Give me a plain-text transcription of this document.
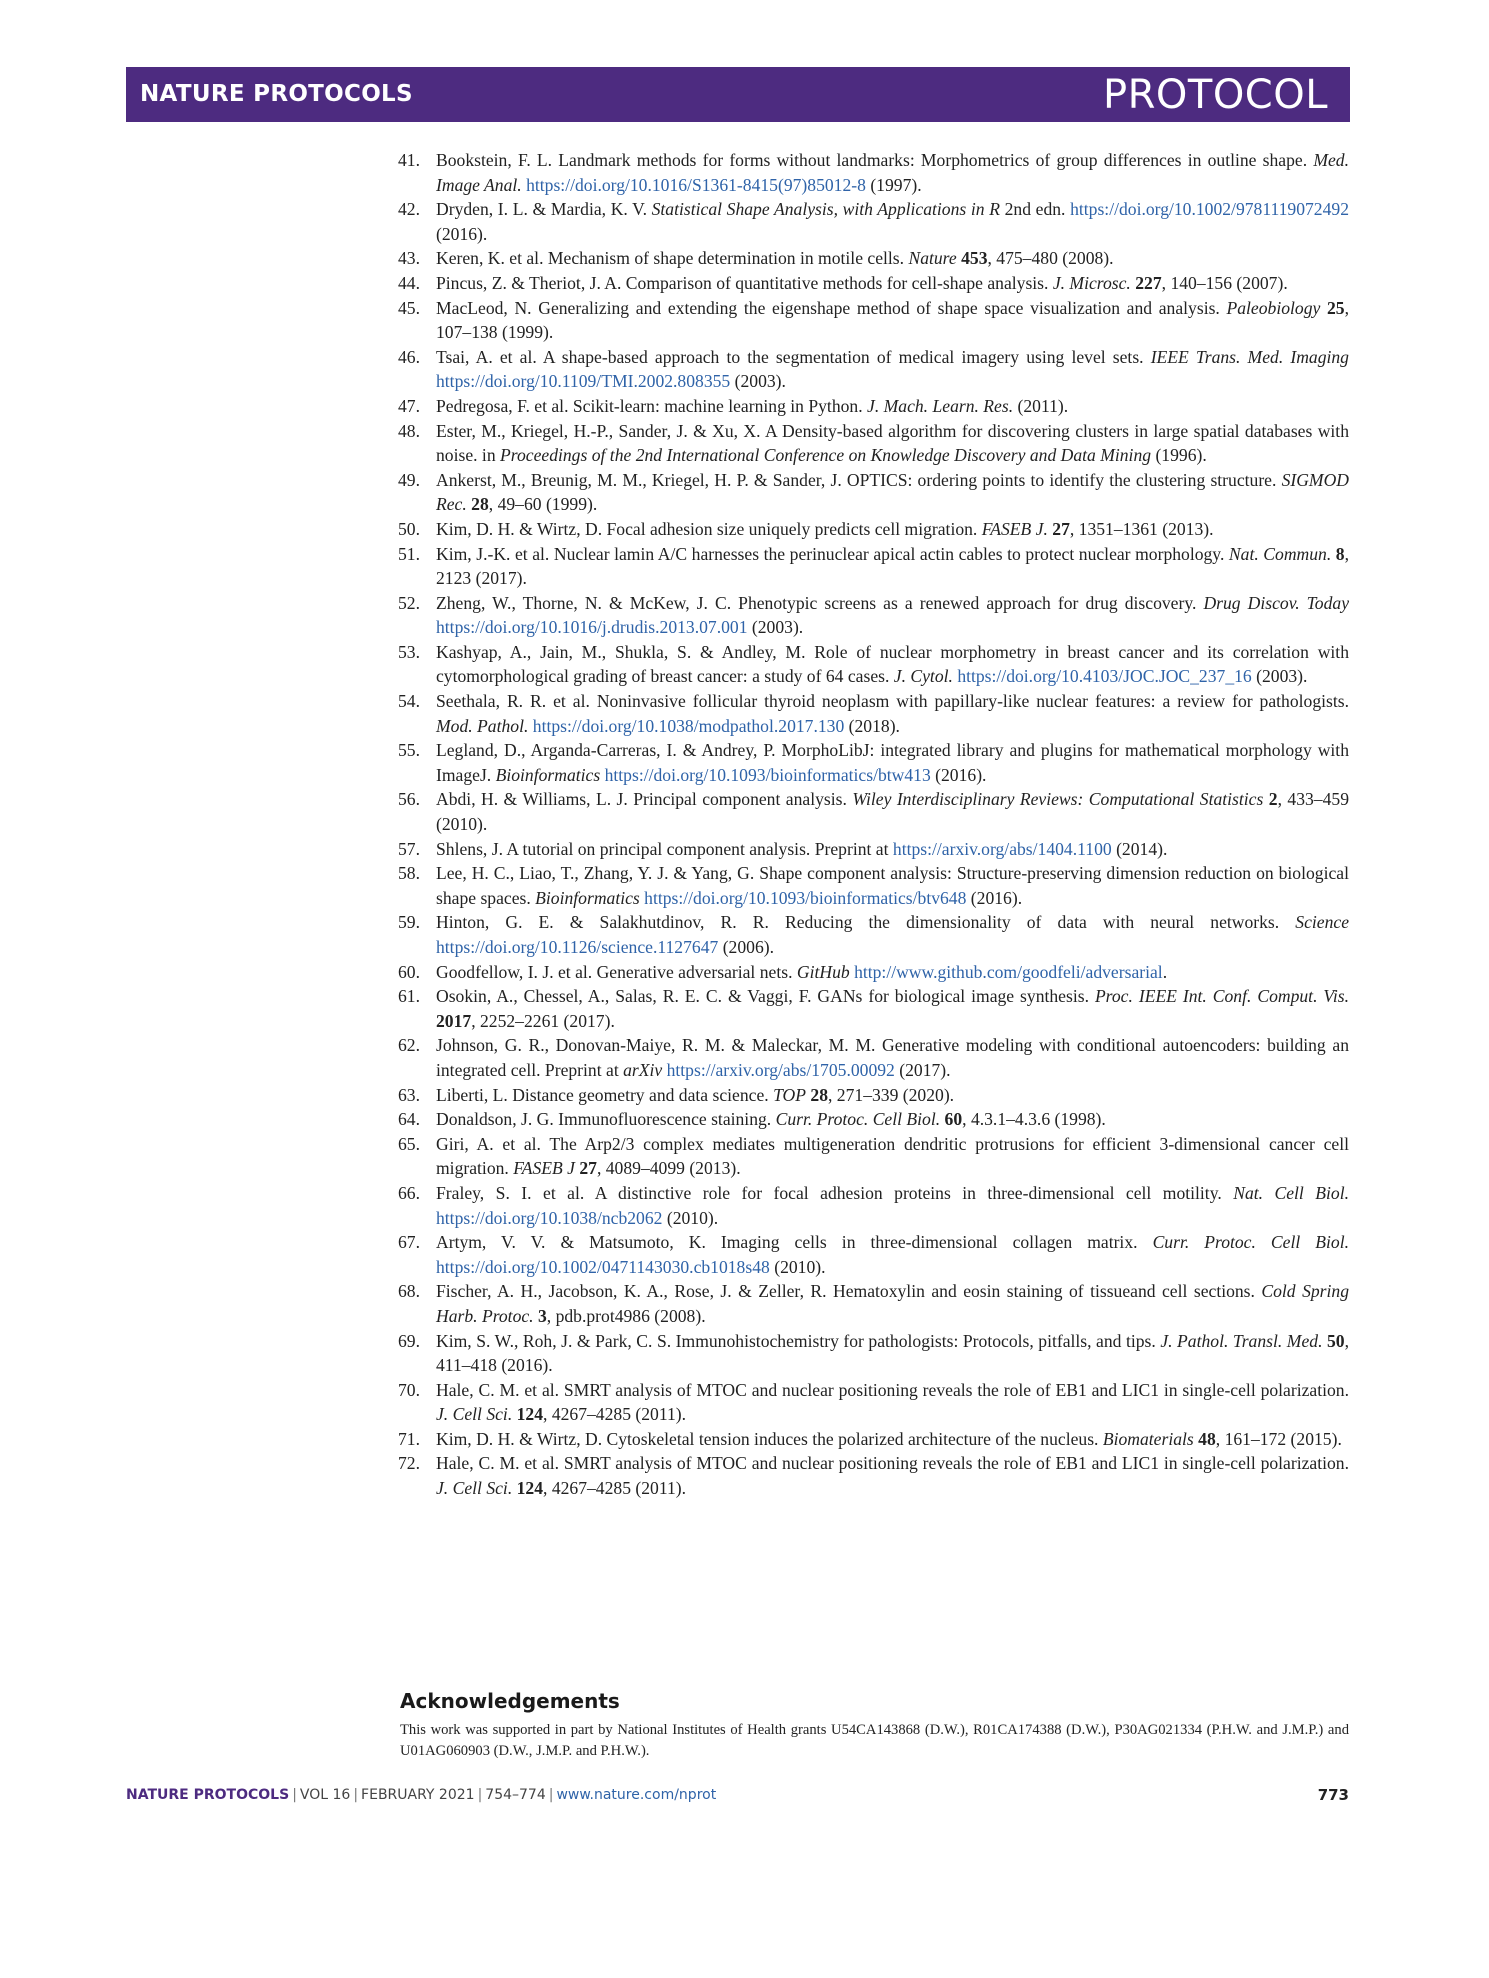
NATURE PROTOCOLS	PROTOCOL
41. Bookstein, F. L. Landmark methods for forms without landmarks: Morphometrics of group differences in outline shape. Med. Image Anal. https://doi.org/10.1016/S1361-8415(97)85012-8 (1997).
42. Dryden, I. L. & Mardia, K. V. Statistical Shape Analysis, with Applications in R 2nd edn. https://doi.org/10.1002/9781119072492 (2016).
43. Keren, K. et al. Mechanism of shape determination in motile cells. Nature 453, 475–480 (2008).
44. Pincus, Z. & Theriot, J. A. Comparison of quantitative methods for cell-shape analysis. J. Microsc. 227, 140–156 (2007).
45. MacLeod, N. Generalizing and extending the eigenshape method of shape space visualization and analysis. Paleobiology 25, 107–138 (1999).
46. Tsai, A. et al. A shape-based approach to the segmentation of medical imagery using level sets. IEEE Trans. Med. Imaging https://doi.org/10.1109/TMI.2002.808355 (2003).
47. Pedregosa, F. et al. Scikit-learn: machine learning in Python. J. Mach. Learn. Res. (2011).
48. Ester, M., Kriegel, H.-P., Sander, J. & Xu, X. A Density-based algorithm for discovering clusters in large spatial databases with noise. in Proceedings of the 2nd International Conference on Knowledge Discovery and Data Mining (1996).
49. Ankerst, M., Breunig, M. M., Kriegel, H. P. & Sander, J. OPTICS: ordering points to identify the clustering structure. SIGMOD Rec. 28, 49–60 (1999).
50. Kim, D. H. & Wirtz, D. Focal adhesion size uniquely predicts cell migration. FASEB J. 27, 1351–1361 (2013).
51. Kim, J.-K. et al. Nuclear lamin A/C harnesses the perinuclear apical actin cables to protect nuclear morphology. Nat. Commun. 8, 2123 (2017).
52. Zheng, W., Thorne, N. & McKew, J. C. Phenotypic screens as a renewed approach for drug discovery. Drug Discov. Today https://doi.org/10.1016/j.drudis.2013.07.001 (2003).
53. Kashyap, A., Jain, M., Shukla, S. & Andley, M. Role of nuclear morphometry in breast cancer and its correlation with cytomorphological grading of breast cancer: a study of 64 cases. J. Cytol. https://doi.org/10.4103/JOC.JOC_237_16 (2003).
54. Seethala, R. R. et al. Noninvasive follicular thyroid neoplasm with papillary-like nuclear features: a review for pathologists. Mod. Pathol. https://doi.org/10.1038/modpathol.2017.130 (2018).
55. Legland, D., Arganda-Carreras, I. & Andrey, P. MorphoLibJ: integrated library and plugins for mathematical morphology with ImageJ. Bioinformatics https://doi.org/10.1093/bioinformatics/btw413 (2016).
56. Abdi, H. & Williams, L. J. Principal component analysis. Wiley Interdisciplinary Reviews: Computational Statistics 2, 433–459 (2010).
57. Shlens, J. A tutorial on principal component analysis. Preprint at https://arxiv.org/abs/1404.1100 (2014).
58. Lee, H. C., Liao, T., Zhang, Y. J. & Yang, G. Shape component analysis: Structure-preserving dimension reduction on biological shape spaces. Bioinformatics https://doi.org/10.1093/bioinformatics/btv648 (2016).
59. Hinton, G. E. & Salakhutdinov, R. R. Reducing the dimensionality of data with neural networks. Science https://doi.org/10.1126/science.1127647 (2006).
60. Goodfellow, I. J. et al. Generative adversarial nets. GitHub http://www.github.com/goodfeli/adversarial.
61. Osokin, A., Chessel, A., Salas, R. E. C. & Vaggi, F. GANs for biological image synthesis. Proc. IEEE Int. Conf. Comput. Vis. 2017, 2252–2261 (2017).
62. Johnson, G. R., Donovan-Maiye, R. M. & Maleckar, M. M. Generative modeling with conditional autoencoders: building an integrated cell. Preprint at arXiv https://arxiv.org/abs/1705.00092 (2017).
63. Liberti, L. Distance geometry and data science. TOP 28, 271–339 (2020).
64. Donaldson, J. G. Immunofluorescence staining. Curr. Protoc. Cell Biol. 60, 4.3.1–4.3.6 (1998).
65. Giri, A. et al. The Arp2/3 complex mediates multigeneration dendritic protrusions for efficient 3-dimensional cancer cell migration. FASEB J 27, 4089–4099 (2013).
66. Fraley, S. I. et al. A distinctive role for focal adhesion proteins in three-dimensional cell motility. Nat. Cell Biol. https://doi.org/10.1038/ncb2062 (2010).
67. Artym, V. V. & Matsumoto, K. Imaging cells in three-dimensional collagen matrix. Curr. Protoc. Cell Biol. https://doi.org/10.1002/0471143030.cb1018s48 (2010).
68. Fischer, A. H., Jacobson, K. A., Rose, J. & Zeller, R. Hematoxylin and eosin staining of tissueand cell sections. Cold Spring Harb. Protoc. 3, pdb.prot4986 (2008).
69. Kim, S. W., Roh, J. & Park, C. S. Immunohistochemistry for pathologists: Protocols, pitfalls, and tips. J. Pathol. Transl. Med. 50, 411–418 (2016).
70. Hale, C. M. et al. SMRT analysis of MTOC and nuclear positioning reveals the role of EB1 and LIC1 in single-cell polarization. J. Cell Sci. 124, 4267–4285 (2011).
71. Kim, D. H. & Wirtz, D. Cytoskeletal tension induces the polarized architecture of the nucleus. Biomaterials 48, 161–172 (2015).
72. Hale, C. M. et al. SMRT analysis of MTOC and nuclear positioning reveals the role of EB1 and LIC1 in single-cell polarization. J. Cell Sci. 124, 4267–4285 (2011).
Acknowledgements
This work was supported in part by National Institutes of Health grants U54CA143868 (D.W.), R01CA174388 (D.W.), P30AG021334 (P.H.W. and J.M.P.) and U01AG060903 (D.W., J.M.P. and P.H.W.).
NATURE PROTOCOLS | VOL 16 | FEBRUARY 2021 | 754–774 | www.nature.com/nprot	773
